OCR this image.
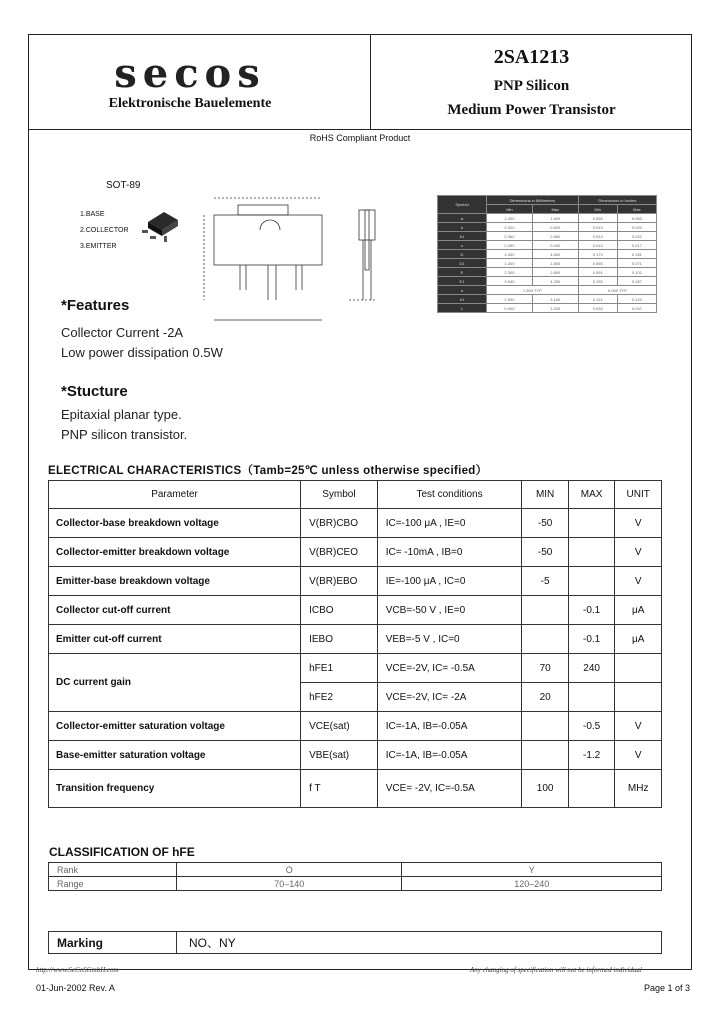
secos
Elektronische Bauelemente
2SA1213
PNP Silicon
Medium Power Transistor
RoHS Compliant Product
SOT-89
1.BASE
2.COLLECTOR
3.EMITTER
Symbol	Dimensions in Millimeters		Dimensions in Inches	
	Min	Max	Min	Max
A	1.400	1.600	0.055	0.063
b	0.320	0.520	0.013	0.020
b1	0.360	0.560	0.014	0.022
c	0.350	0.440	0.014	0.017
D	4.400	4.600	0.173	0.181
D1	1.400	1.800	0.055	0.071
E	2.300	2.600	0.091	0.102
E1	3.940	4.250	0.155	0.167
e	1.500 TYP		0.060 TYP	
e1	2.900	3.100	0.114	0.122
L	0.900	1.200	0.035	0.047
*Features
Collector Current -2A
Low power dissipation 0.5W
*Stucture
Epitaxial planar type.
PNP silicon transistor.
ELECTRICAL CHARACTERISTICS（Tamb=25℃ unless otherwise specified）
Parameter	Symbol	Test conditions	MIN	MAX	UNIT
Collector-base breakdown voltage	V(BR)CBO	IC=-100 μA , IE=0	-50		V
Collector-emitter breakdown voltage	V(BR)CEO	IC= -10mA , IB=0	-50		V
Emitter-base breakdown voltage	V(BR)EBO	IE=-100 μA , IC=0	-5		V
Collector cut-off current	ICBO	VCB=-50 V , IE=0		-0.1	μA
Emitter cut-off current	IEBO	VEB=-5 V , IC=0		-0.1	μA
DC current gain	hFE1	VCE=-2V, IC= -0.5A	70	240	
	hFE2	VCE=-2V, IC= -2A	20		
Collector-emitter saturation voltage	VCE(sat)	IC=-1A, IB=-0.05A		-0.5	V
Base-emitter saturation voltage	VBE(sat)	IC=-1A, IB=-0.05A		-1.2	V
Transition frequency	f T	VCE= -2V, IC=-0.5A	100		MHz
CLASSIFICATION OF hFE
Rank	O	Y
Range	70–140	120–240
Marking	NO、NY
http://www.SeCoSGmbH.com	Any changing of specification will not be informed individual
01-Jun-2002 Rev. A	Page 1 of 3
